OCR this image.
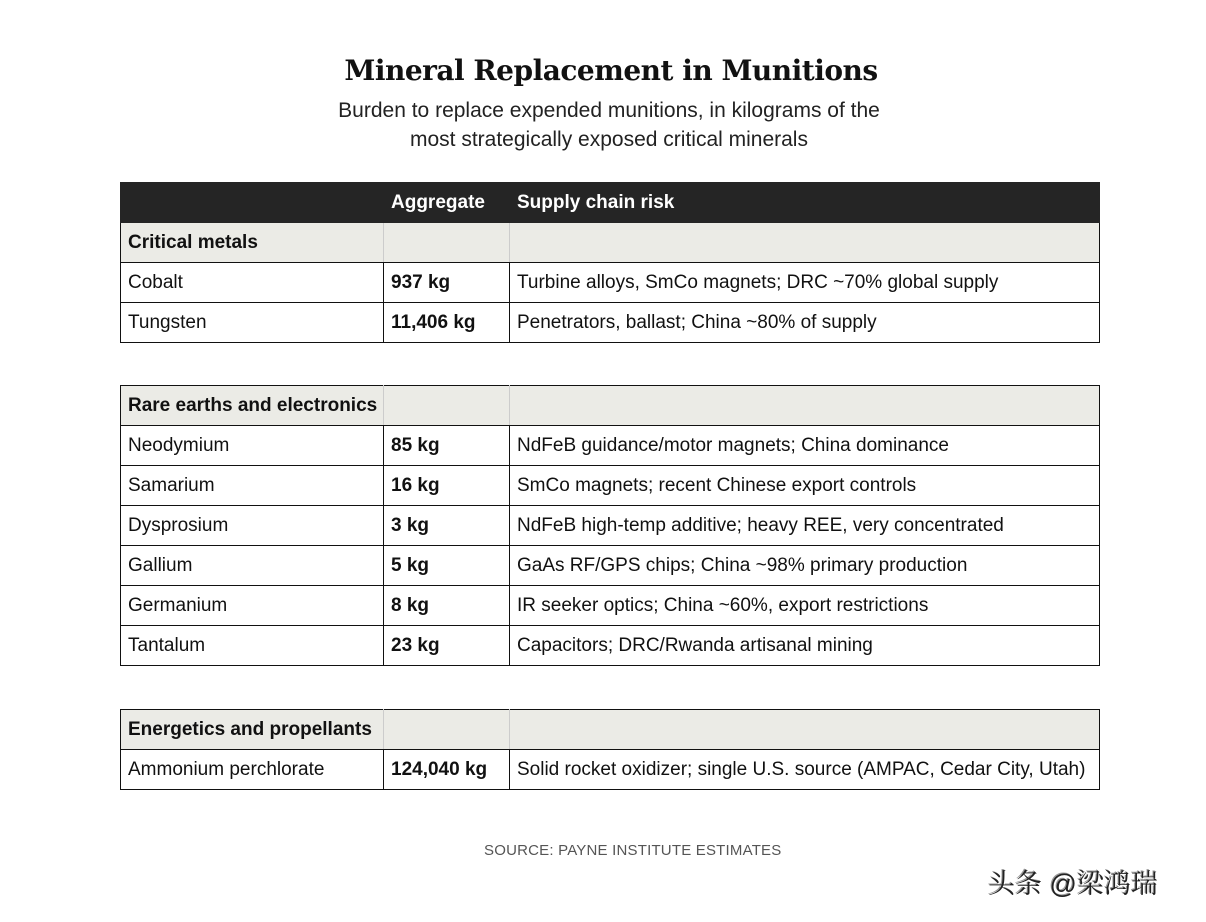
Mineral Replacement in Munitions
Burden to replace expended munitions, in kilograms of the
most strategically exposed critical minerals
	Aggregate	Supply chain risk
Critical metals		
Cobalt	937 kg	Turbine alloys, SmCo magnets; DRC ~70% global supply
Tungsten	11,406 kg	Penetrators, ballast; China ~80% of supply
Rare earths and electronics		
Neodymium	85 kg	NdFeB guidance/motor magnets; China dominance
Samarium	16 kg	SmCo magnets; recent Chinese export controls
Dysprosium	3 kg	NdFeB high-temp additive; heavy REE, very concentrated
Gallium	5 kg	GaAs RF/GPS chips; China ~98% primary production
Germanium	8 kg	IR seeker optics; China ~60%, export restrictions
Tantalum	23 kg	Capacitors; DRC/Rwanda artisanal mining
Energetics and propellants		
Ammonium perchlorate	124,040 kg	Solid rocket oxidizer; single U.S. source (AMPAC, Cedar City, Utah)
SOURCE: PAYNE INSTITUTE ESTIMATES
头条 @梁鸿瑞
